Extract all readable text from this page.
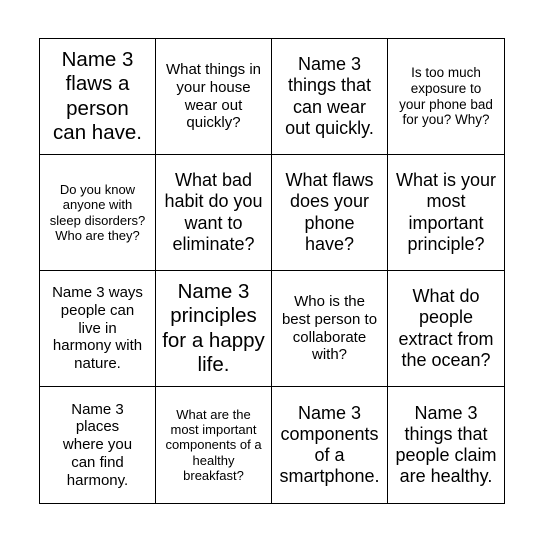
Name 3 flaws a person can have.
What things in your house wear out quickly?
Name 3 things that can wear out quickly.
Is too much exposure to your phone bad for you? Why?
Do you know anyone with sleep disorders? Who are they?
What bad habit do you want to eliminate?
What flaws does your phone have?
What is your most important principle?
Name 3 ways people can live in harmony with nature.
Name 3 principles for a happy life.
Who is the best person to collaborate with?
What do people extract from the ocean?
Name 3 places where you can find harmony.
What are the most important components of a healthy breakfast?
Name 3 components of a smartphone.
Name 3 things that people claim are healthy.
